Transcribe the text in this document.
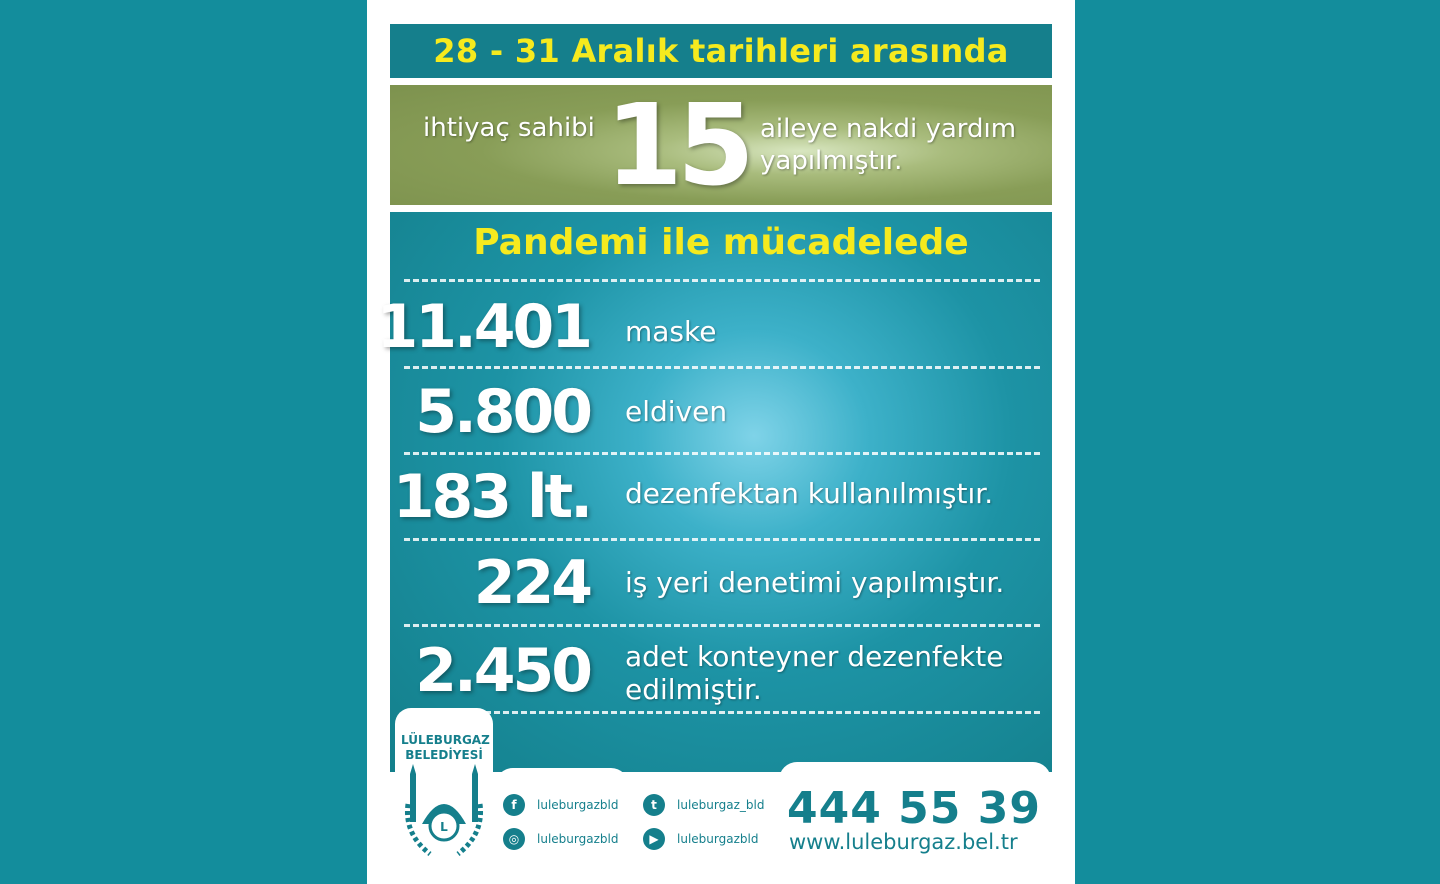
28 - 31 Aralık tarihleri arasında
ihtiyaç sahibi 15 aileye nakdi yardım yapılmıştır.
Pandemi ile mücadelede
11.401 maske
5.800 eldiven
183 lt. dezenfektan kullanılmıştır.
224 iş yeri denetimi yapılmıştır.
2.450 adet konteyner dezenfekte edilmiştir.
LÜLEBURGAZ
BELEDİYESİ
L
f	luleburgazbld
◎	luleburgazbld
t	luleburgaz_bld
▶	luleburgazbld
444 55 39
www.luleburgaz.bel.tr
